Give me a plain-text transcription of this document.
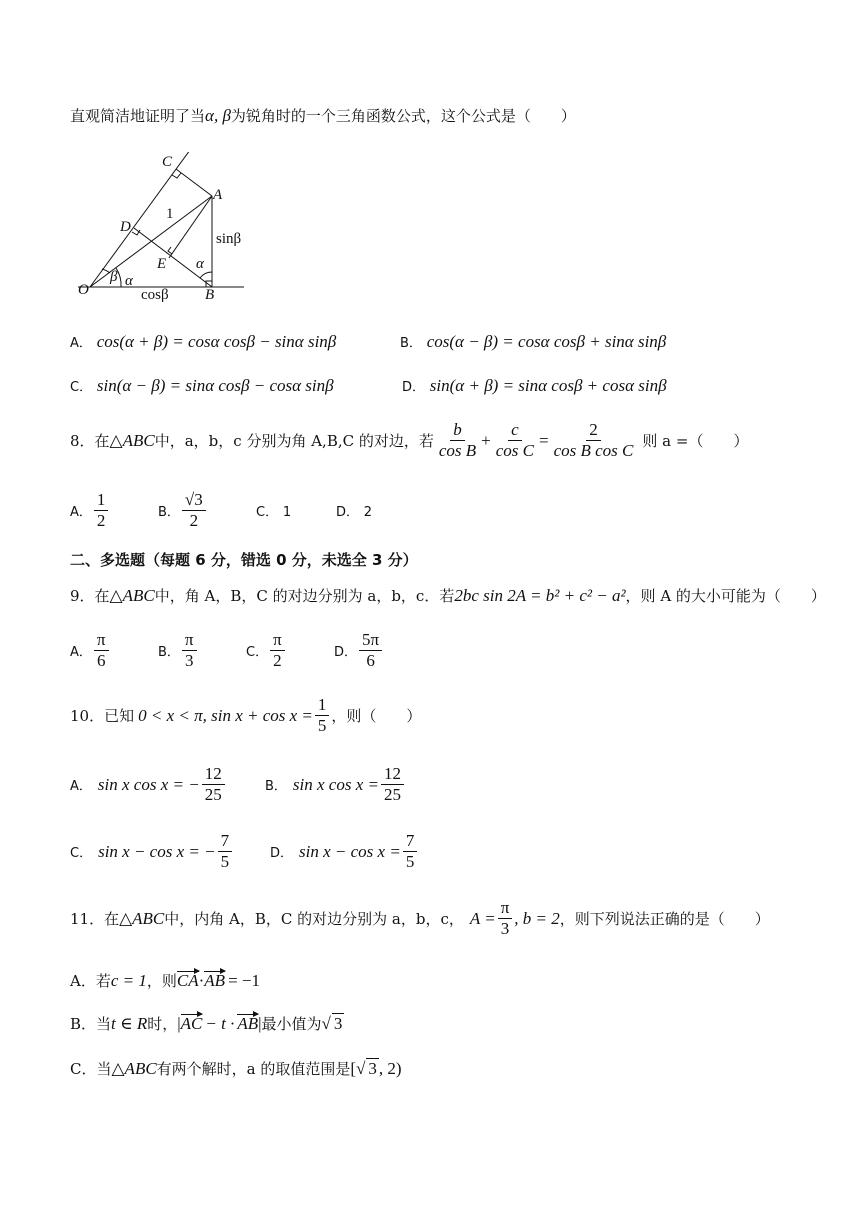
直观简洁地证明了当α, β为锐角时的一个三角函数公式，这个公式是（　　）
C
A
D
1
sinβ
E α
β α
O	cosβ B
A． cos(α + β) = cosα cosβ − sinα sinβ	B． cos(α − β) = cosα cosβ + sinα sinβ
C． sin(α − β) = sinα cosβ − cosα sinβ	D． sin(α + β) = sinα cosβ + cosα sinβ
8．在 △ABC 中，a，b，c 分别为角 A,B,C 的对边，若 $\frac{b}{\text{cos B}} + \frac{c}{\text{cos C}} = \frac{2}{\text{cos B cos C}}$ 则 a =（　　）
A． $\frac{1}{2}$	B． $\frac{√3}{2}$	C． 1	D． 2
二、多选题（每题 6 分，错选 0 分，未选全 3 分）
9．在△ABC中，角 A，B，C 的对边分别为 a，b，c．若2bc sin 2A = b² + c² − a²，则 A 的大小可能为（　　）
A． $\frac{\pi}{6}$	B． $\frac{\pi}{3}$	C． $\frac{\pi}{2}$	D． $\frac{5\pi}{6}$
10．已知 0 < x < π, $\sin x + \cos x = \frac{1}{5}$ ，则（　　）
A． sin x cos x = − $\frac{12}{25}$	B． sin x $\cos x = \frac{12}{25}$
C． sin x − cos x = − $\frac{7}{5}$	D． $\sin x - \cos x = \frac{7}{5}$
11．在 △ABC 中，内角 A，B，C 的对边分别为 a，b，c， $A = \frac{\pi}{3}$ , b = 2 ，则下列说法正确的是（　　）
A．若c = 1，则CA·AB = −1
B．当t ∈ R时，|AC − t · AB|最小值为√ 3
C．当△ABC有两个解时，a 的取值范围是[√ 3 , 2)
